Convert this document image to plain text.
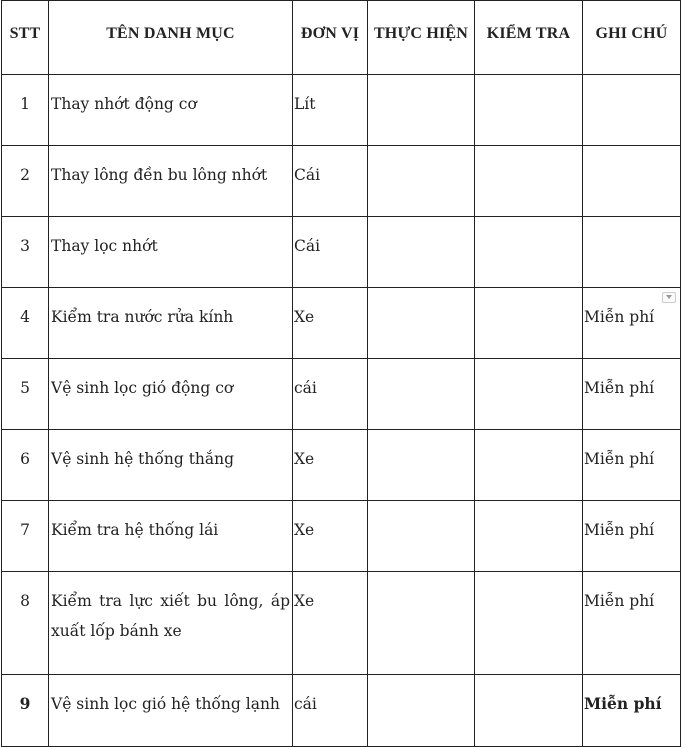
STT	TÊN DANH MỤC	ĐƠN VỊ	THỰC HIỆN	KIỂM TRA	GHI CHÚ
1	Thay nhớt động cơ	Lít			
2	Thay lông đền bu lông nhớt	Cái			
3	Thay lọc nhớt	Cái			
4	Kiểm tra nước rửa kính	Xe			Miễn phí

5	Vệ sinh lọc gió động cơ	cái			Miễn phí
6	Vệ sinh hệ thống thắng	Xe			Miễn phí
7	Kiểm tra hệ thống lái	Xe			Miễn phí
8	Kiểm tra lực xiết bu lông, áp xuất lốp bánh xe	Xe			Miễn phí
9	Vệ sinh lọc gió hệ thống lạnh	cái			Miễn phí
